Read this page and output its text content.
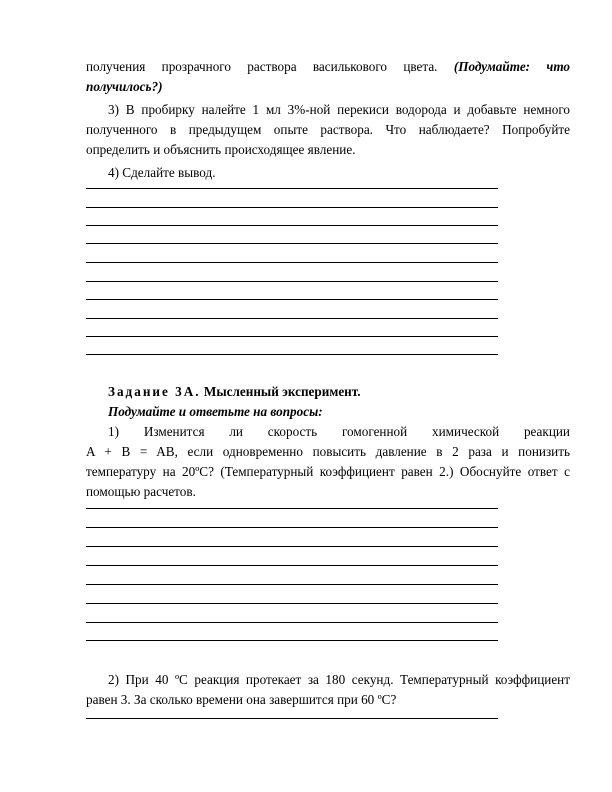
получения прозрачного раствора василькового цвета. (Подумайте: что
получилось?)
3) В пробирку налейте 1 мл 3%-ной перекиси водорода и добавьте немного
полученного в предыдущем опыте раствора. Что наблюдаете? Попробуйте
определить и объяснить происходящее явление.
4) Сделайте вывод.
Задание 3А. Мысленный эксперимент.
Подумайте и ответьте на вопросы:
1) Изменится ли скорость гомогенной химической реакции
A + B = AB, если одновременно повысить давление в 2 раза и понизить
температуру на 20ºС? (Температурный коэффициент равен 2.) Обоснуйте ответ с
помощью расчетов.
2) При 40 ºС реакция протекает за 180 секунд. Температурный коэффициент
равен 3. За сколько времени она завершится при 60 ºС?
